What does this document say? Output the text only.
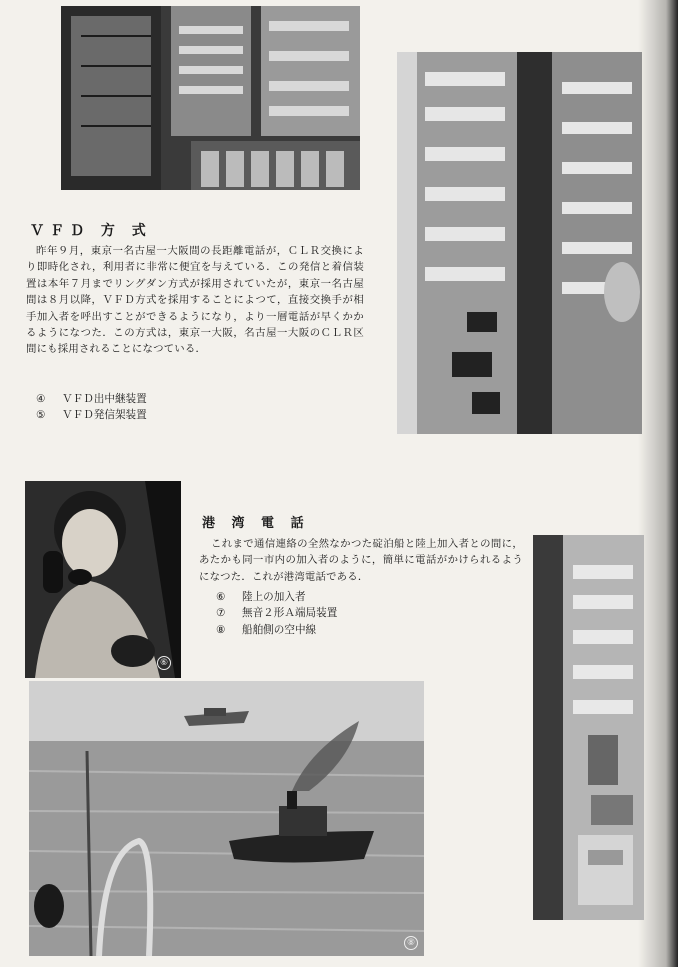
ＶＦＤ 方 式
昨年９月，東京一名古屋一大阪間の長距離電話が，ＣＬＲ交換により即時化され，利用者に非常に便宜を与えている．この発信と着信装置は本年７月までリングダン方式が採用されていたが，東京一名古屋間は８月以降，ＶＦＤ方式を採用することによつて，直接交換手が相手加入者を呼出すことができるようになり，より一層電話が早くかかるようになつた．この方式は，東京一大阪，名古屋一大阪のＣＬＲ区間にも採用されることになつている．
④	ＶＦＤ出中継装置
⑤	ＶＦＤ発信架装置
⑥
港 湾 電 話
これまで通信連絡の全然なかつた碇泊船と陸上加入者との間に，あたかも同一市内の加入者のように，簡単に電話がかけられるようになつた．これが港湾電話である．
⑥	陸上の加入者
⑦	無音２形Ａ端局装置
⑧	船舶側の空中線
⑧
